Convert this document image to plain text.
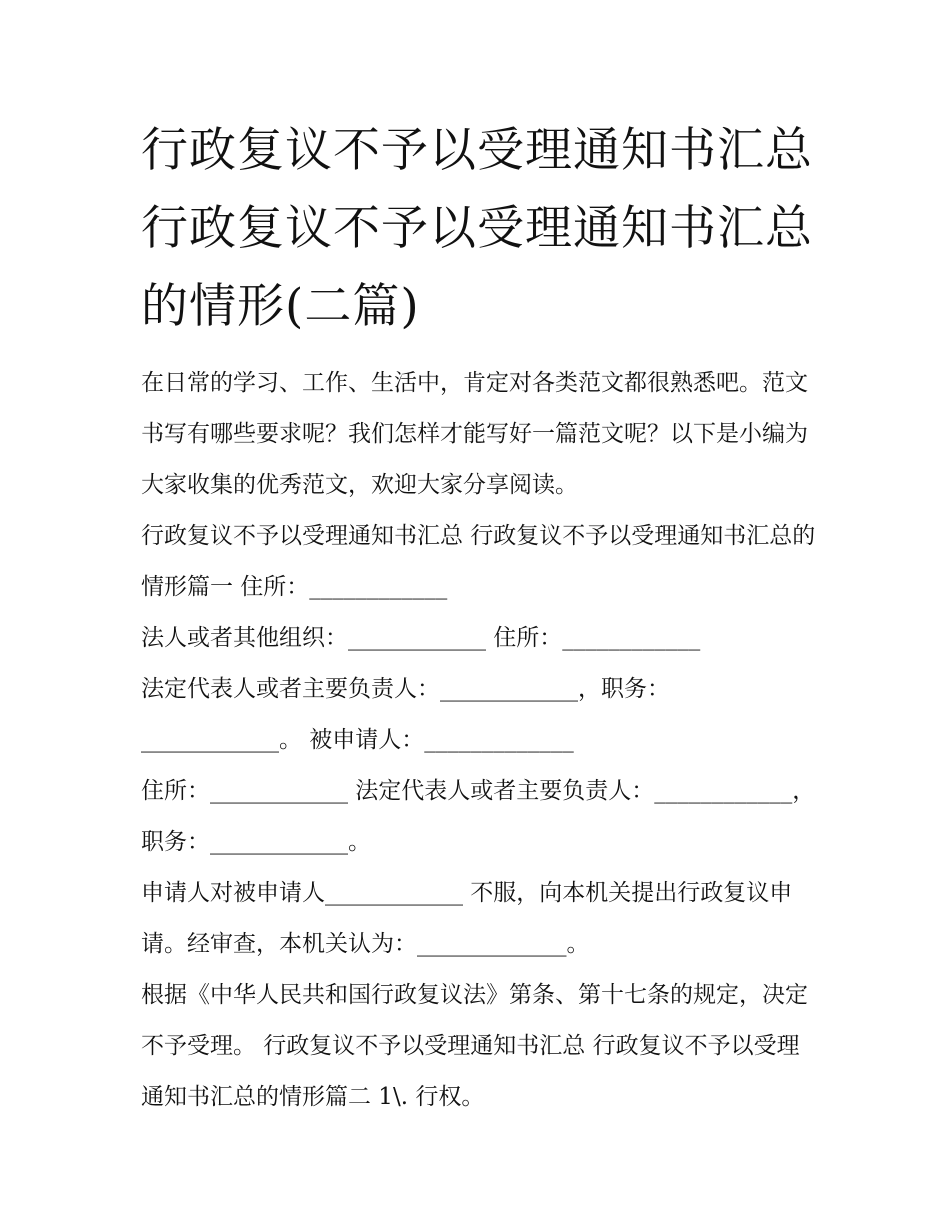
行政复议不予以受理通知书汇总 行政复议不予以受理通知书汇总的情形(二篇)

在日常的学习、工作、生活中，肯定对各类范文都很熟悉吧。范文书写有哪些要求呢？我们怎样才能写好一篇范文呢？以下是小编为大家收集的优秀范文，欢迎大家分享阅读。

行政复议不予以受理通知书汇总 行政复议不予以受理通知书汇总的情形篇一 住所：____________

法人或者其他组织：____________ 住所：____________

法定代表人或者主要负责人：____________，职务：____________。 被申请人：_____________

住所：____________ 法定代表人或者主要负责人：____________，职务：____________。

申请人对被申请人____________ 不服，向本机关提出行政复议申请。经审查，本机关认为：_____________。

根据《中华人民共和国行政复议法》第条、第十七条的规定，决定不予受理。 行政复议不予以受理通知书汇总 行政复议不予以受理通知书汇总的情形篇二 1\. 行权。
